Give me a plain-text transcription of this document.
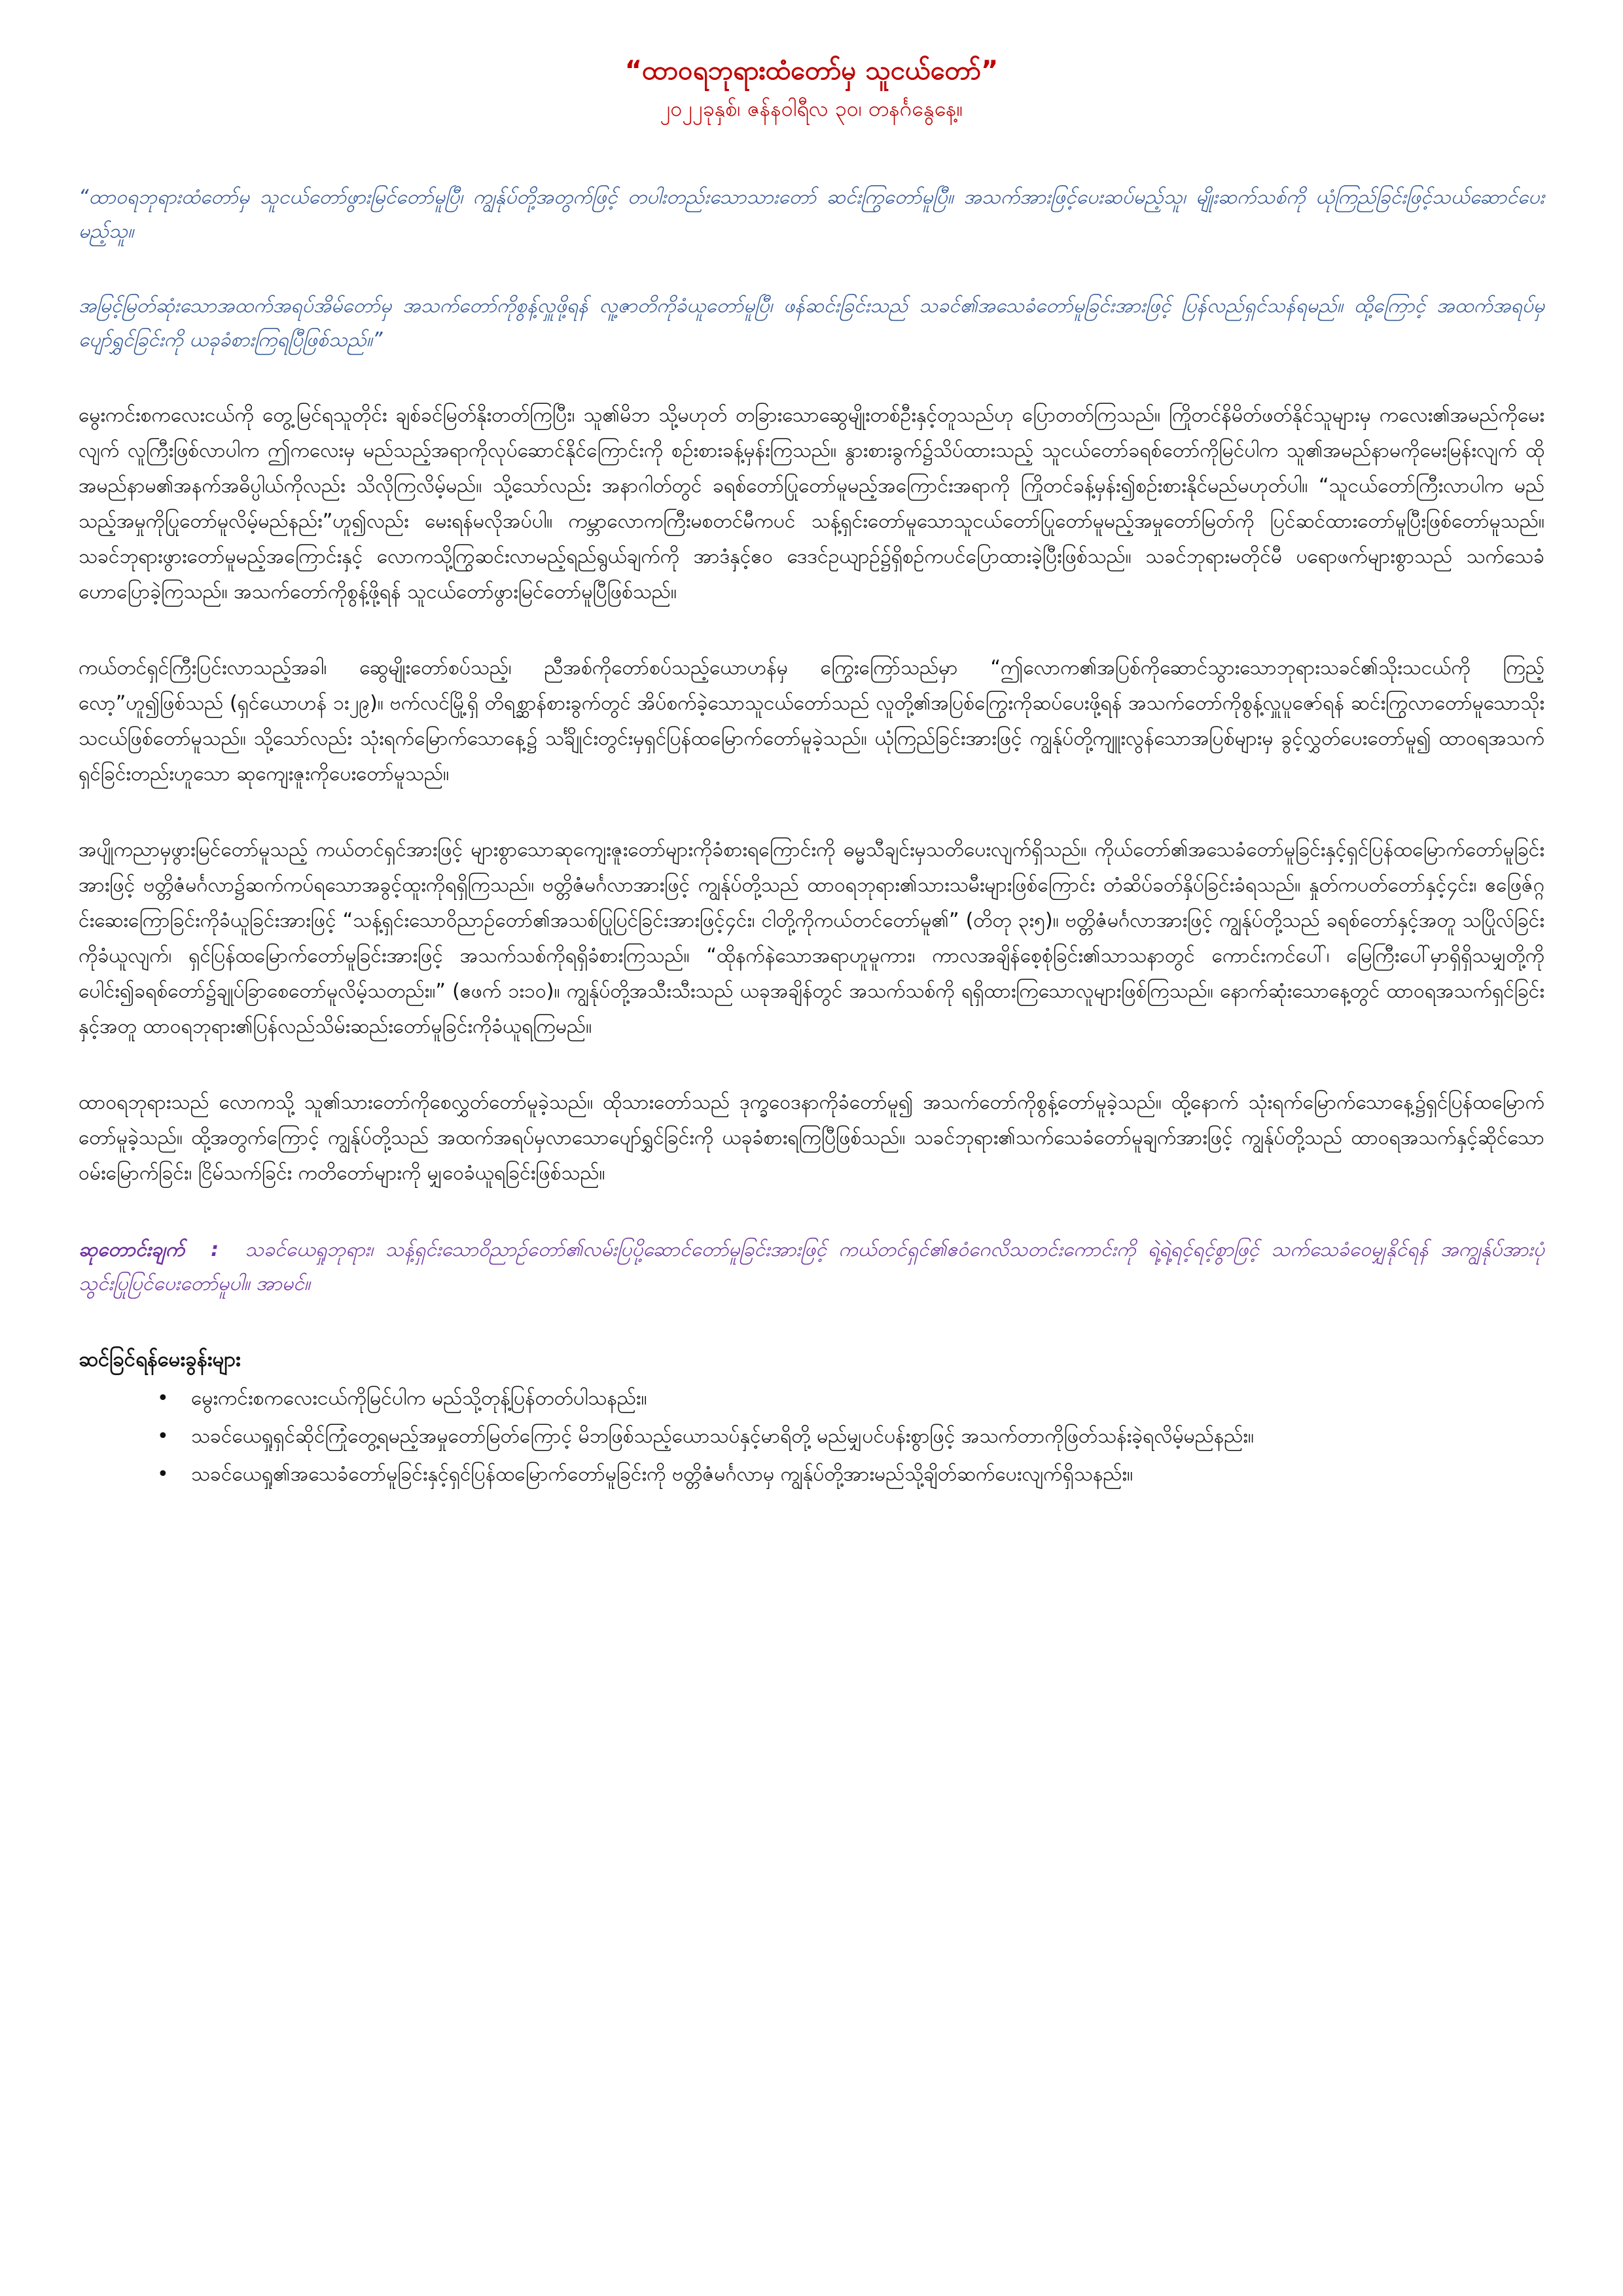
“ထာဝရဘုရားထံတော်မှ သူငယ်တော်”
၂၀၂၂ခုနှစ်၊ ဇန်နဝါရီလ ၃၀၊ တနင်္ဂနွေနေ့။

“ထာဝရဘုရားထံတော်မှ သူငယ်တော်ဖွားမြင်တော်မူပြီ၊ ကျွန်ုပ်တို့အတွက်ဖြင့် တပါးတည်းသောသားတော် ဆင်းကြွတော်မူပြီ။ အသက်အားဖြင့်ပေးဆပ်မည့်သူ၊ မျိုးဆက်သစ်ကို ယုံကြည်ခြင်းဖြင့်သယ်ဆောင်ပေးမည့်သူ။

အမြင့်မြတ်ဆုံးသောအထက်အရပ်အိမ်တော်မှ အသက်တော်ကိုစွန့်လှူဖို့ရန် လူ့ဇာတိကိုခံယူတော်မူပြီ၊ ဖန်ဆင်းခြင်းသည် သခင်၏အသေခံတော်မူခြင်းအားဖြင့် ပြန်လည်ရှင်သန်ရမည်။ ထို့ကြောင့် အထက်အရပ်မှ ပျော်ရွှင်ခြင်းကို ယခုခံစားကြရပြီဖြစ်သည်။”

မွေးကင်းစကလေးငယ်ကို တွေ့မြင်ရသူတိုင်း ချစ်ခင်မြတ်နိုးတတ်ကြပြီး၊ သူ၏မိဘ သို့မဟုတ် တခြားသောဆွေမျိုးတစ်ဦးနှင့်တူသည်ဟု ပြောတတ်ကြသည်။ ကြိုတင်နိမိတ်ဖတ်နိုင်သူများမှ ကလေး၏အမည်ကိုမေးလျက် လူကြီးဖြစ်လာပါက ဤကလေးမှ မည်သည့်အရာကိုလုပ်ဆောင်နိုင်ကြောင်းကို စဉ်းစားခန့်မှန်းကြသည်။ နွားစားခွက်၌သိပ်ထားသည့် သူငယ်တော်ခရစ်တော်ကိုမြင်ပါက သူ၏အမည်နာမကိုမေးမြန်းလျက် ထိုအမည်နာမ၏အနက်အဓိပ္ပါယ်ကိုလည်း သိလိုကြလိမ့်မည်။ သို့သော်လည်း အနာဂါတ်တွင် ခရစ်တော်ပြုတော်မူမည့်အကြောင်းအရာကို ကြိုတင်ခန့်မှန်း၍စဉ်းစားနိုင်မည်မဟုတ်ပါ။ “သူငယ်တော်ကြီးလာပါက မည်သည့်အမှုကိုပြုတော်မူလိမ့်မည်နည်း”ဟူ၍လည်း မေးရန်မလိုအပ်ပါ။ ကမ္ဘာလောကကြီးမစတင်မီကပင် သန့်ရှင်းတော်မူသောသူငယ်တော်ပြုတော်မူမည့်အမှုတော်မြတ်ကို ပြင်ဆင်ထားတော်မူပြီးဖြစ်တော်မူသည်။ သခင်ဘုရားဖွားတော်မူမည့်အကြောင်းနှင့် လောကသို့ကြွဆင်းလာမည့်ရည်ရွယ်ချက်ကို အာဒံနှင့်ဧဝ ဒေဒင်ဥယျာဉ်၌ရှိစဉ်ကပင်ပြောထားခဲ့ပြီးဖြစ်သည်။ သခင်ဘုရားမတိုင်မီ ပရောဖက်များစွာသည် သက်သေခံဟောပြောခဲ့ကြသည်။ အသက်တော်ကိုစွန့်ဖို့ရန် သူငယ်တော်ဖွားမြင်တော်မူပြီဖြစ်သည်။

ကယ်တင်ရှင်ကြီးပြင်းလာသည့်အခါ၊ ဆွေမျိုးတော်စပ်သည့်၊ ညီအစ်ကိုတော်စပ်သည့်ယောဟန်မှ ကြွေးကြော်သည်မှာ “ဤလောက၏အပြစ်ကိုဆောင်သွားသောဘုရားသခင်၏သိုးသငယ်ကို ကြည့်လော့”ဟူ၍ဖြစ်သည် (ရှင်ယောဟန် ၁း၂၉)။ ဗက်လင်မြို့ရှိ တိရစ္ဆာန်စားခွက်တွင် အိပ်စက်ခဲ့သောသူငယ်တော်သည် လူတို့၏အပြစ်ကြွေးကိုဆပ်ပေးဖို့ရန် အသက်တော်ကိုစွန့်လှူပူဇော်ရန် ဆင်းကြွလာတော်မူသောသိုးသငယ်ဖြစ်တော်မူသည်။ သို့သော်လည်း သုံးရက်မြောက်သောနေ့၌ သင်္ချိုင်းတွင်းမှရှင်ပြန်ထမြောက်တော်မူခဲ့သည်။ ယုံကြည်ခြင်းအားဖြင့် ကျွန်ုပ်တို့ကျူးလွန်သောအပြစ်များမှ ခွင့်လွှတ်ပေးတော်မူ၍ ထာဝရအသက်ရှင်ခြင်းတည်းဟူသော ဆုကျေးဇူးကိုပေးတော်မူသည်။

အပျိုကညာမှဖွားမြင်တော်မူသည့် ကယ်တင်ရှင်အားဖြင့် များစွာသောဆုကျေးဇူးတော်များကိုခံစားရကြောင်းကို ဓမ္မသီချင်းမှသတိပေးလျက်ရှိသည်။ ကိုယ်တော်၏အသေခံတော်မူခြင်းနှင့်ရှင်ပြန်ထမြောက်တော်မူခြင်းအားဖြင့် ဗတ္တိဇံမင်္ဂလာ၌ဆက်ကပ်ရသောအခွင့်ထူးကိုရရှိကြသည်။ ဗတ္တိဇံမင်္ဂလာအားဖြင့် ကျွန်ုပ်တို့သည် ထာဝရဘုရား၏သားသမီးများဖြစ်ကြောင်း တံဆိပ်ခတ်နှိပ်ခြင်းခံရသည်။ နှုတ်ကပတ်တော်နှင့်၄င်း၊ ဧဖြေဇ်ဂ္ဂင်းဆေးကြောခြင်းကိုခံယူခြင်းအားဖြင့် “သန့်ရှင်းသောဝိညာဉ်တော်၏အသစ်ပြုပြင်ခြင်းအားဖြင့်၄င်း၊ ငါတို့ကိုကယ်တင်တော်မူ၏” (တိတု ၃း၅)။ ဗတ္တိဇံမင်္ဂလာအားဖြင့် ကျွန်ုပ်တို့သည် ခရစ်တော်နှင့်အတူ သပြိုလ်ခြင်းကိုခံယူလျက်၊ ရှင်ပြန်ထမြောက်တော်မူခြင်းအားဖြင့် အသက်သစ်ကိုရရှိခံစားကြသည်။ “ထိုနက်နဲသောအရာဟူမူကား၊ ကာလအချိန်စေ့စုံခြင်း၏သာသနာတွင် ကောင်းကင်ပေါ်၊ မြေကြီးပေါ်မှာရှိရှိသမျှတို့ကို ပေါင်း၍ခရစ်တော်၌ချုပ်ခြာစေတော်မူလိမ့်သတည်း။” (ဧဖက် ၁း၁၀)။ ကျွန်ုပ်တို့အသီးသီးသည် ယခုအချိန်တွင် အသက်သစ်ကို ရရှိထားကြသောလူများဖြစ်ကြသည်။ နောက်ဆုံးသောနေ့တွင် ထာဝရအသက်ရှင်ခြင်းနှင့်အတူ ထာဝရဘုရား၏ပြန်လည်သိမ်းဆည်းတော်မူခြင်းကိုခံယူရကြမည်။

ထာဝရဘုရားသည် လောကသို့ သူ၏သားတော်ကိုစေလွှတ်တော်မူခဲ့သည်။ ထိုသားတော်သည် ဒုက္ခဝေဒနာကိုခံတော်မူ၍ အသက်တော်ကိုစွန့်တော်မူခဲ့သည်။ ထို့နောက် သုံးရက်မြောက်သောနေ့၌ရှင်ပြန်ထမြောက်တော်မူခဲ့သည်။ ထို့အတွက်ကြောင့် ကျွန်ုပ်တို့သည် အထက်အရပ်မှလာသောပျော်ရွှင်ခြင်းကို ယခုခံစားရကြပြီဖြစ်သည်။ သခင်ဘုရား၏သက်သေခံတော်မူချက်အားဖြင့် ကျွန်ုပ်တို့သည် ထာဝရအသက်နှင့်ဆိုင်သော ဝမ်းမြောက်ခြင်း၊ ငြိမ်သက်ခြင်း ကတိတော်များကို မျှဝေခံယူရခြင်းဖြစ်သည်။

ဆုတောင်းချက် : သခင်ယေရှုဘုရား၊ သန့်ရှင်းသောဝိညာဉ်တော်၏လမ်းပြပို့ဆောင်တော်မူခြင်းအားဖြင့် ကယ်တင်ရှင်၏ဧဝံဂေလိသတင်းကောင်းကို ရဲ့ရဲ့ရင့်ရင့်စွာဖြင့် သက်သေခံဝေမျှနိုင်ရန် အကျွန်ုပ်အားပုံသွင်းပြုပြင်ပေးတော်မူပါ။ အာမင်။

ဆင်ခြင်ရန်မေးခွန်းများ
• မွေးကင်းစကလေးငယ်ကိုမြင်ပါက မည်သို့တုန့်ပြန်တတ်ပါသနည်း။
• သခင်ယေရှုရှင်ဆိုင်ကြုံတွေ့ရမည့်အမှုတော်မြတ်ကြောင့် မိဘဖြစ်သည့်ယောသပ်နှင့်မာရိတို့ မည်မျှပင်ပန်းစွာဖြင့် အသက်တာကိုဖြတ်သန်းခဲ့ရလိမ့်မည်နည်း။
• သခင်ယေရှု၏အသေခံတော်မူခြင်းနှင့်ရှင်ပြန်ထမြောက်တော်မူခြင်းကို ဗတ္တိဇံမင်္ဂလာမှ ကျွန်ုပ်တို့အားမည်သို့ချိတ်ဆက်ပေးလျက်ရှိသနည်း။
